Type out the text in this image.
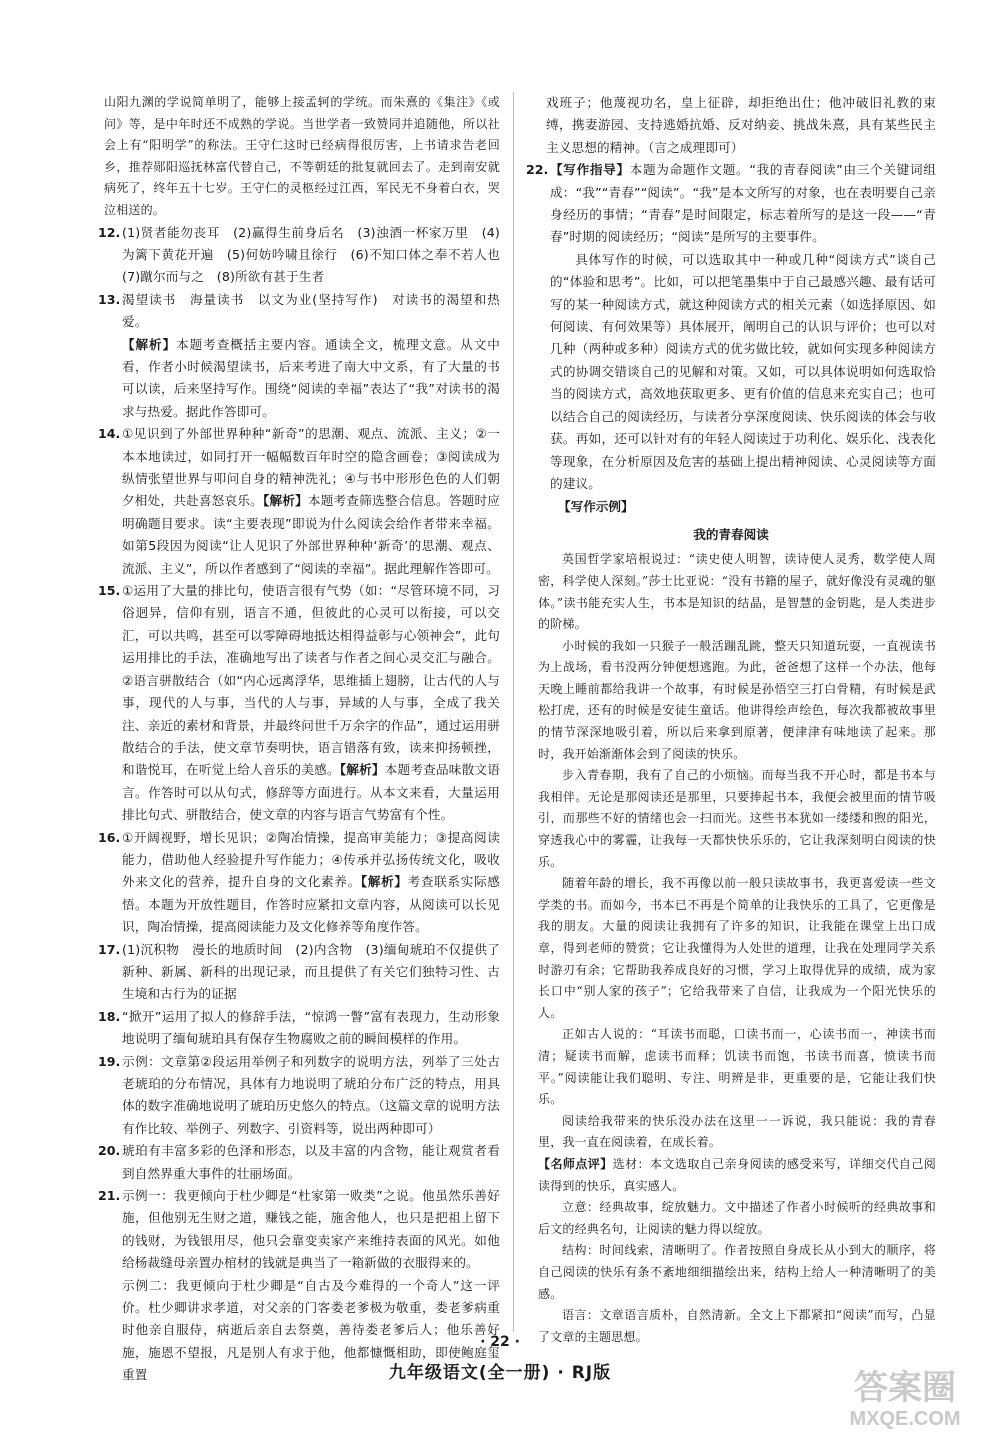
山阳九渊的学说简单明了，能够上接孟轲的学统。而朱熹的《集注》《或问》等，是中年时还不成熟的学说。当世学者一致赞同并追随他，所以社会上有“阳明学”的称法。王守仁这时已经病得很厉害，上书请求告老回乡，推荐郧阳巡抚林富代替自己，不等朝廷的批复就回去了。走到南安就病死了，终年五十七岁。王守仁的灵柩经过江西，军民无不身着白衣，哭泣相送的。

12. (1)贤者能勿丧耳　(2)赢得生前身后名　(3)浊酒一杯家万里　(4)为篱下黄花开遍　(5)何妨吟啸且徐行　(6)不知口体之奉不若人也　(7)蹴尔而与之　(8)所欲有甚于生者

13. 渴望读书　海量读书　以文为业(坚持写作)　对读书的渴望和热爱。

【解析】本题考查概括主要内容。通读全文，梳理文意。从文中看，作者小时候渴望读书，后来考进了南大中文系，有了大量的书可以读，后来坚持写作。围绕“阅读的幸福”表达了“我”对读书的渴求与热爱。据此作答即可。

14. ①见识到了外部世界种种“新奇”的思潮、观点、流派、主义；②一本本地读过，如同打开一幅幅数百年时空的隐含画卷；③阅读成为纵情张望世界与叩问自身的精神洗礼；④与书中形形色色的人们朝夕相处，共赴喜怒哀乐。【解析】本题考查筛选整合信息。答题时应明确题目要求。读“主要表现”即说为什么阅读会给作者带来幸福。如第5段因为阅读“让人见识了外部世界种种‘新奇’的思潮、观点、流派、主义”，所以作者感到了“阅读的幸福”。据此理解作答即可。

15. ①运用了大量的排比句，使语言很有气势（如：“尽管环境不同，习俗迥异，信仰有别，语言不通，但彼此的心灵可以衔接，可以交汇，可以共鸣，甚至可以零障碍地抵达相得益彰与心领神会”，此句运用排比的手法，准确地写出了读者与作者之间心灵交汇与融合。②语言骈散结合（如“内心远离浮华，思维插上翅膀，让古代的人与事，现代的人与事，当代的人与事，异域的人与事，全成了我关注、亲近的素材和背景，并最终问世千万余字的作品”，通过运用骈散结合的手法，使文章节奏明快，语言错落有致，读来抑扬顿挫，和谐悦耳，在听觉上给人音乐的美感。【解析】本题考查品味散文语言。作答时可以从句式，修辞等方面进行。从本文来看，大量运用排比句式、骈散结合，使文章的内容与语言气势富有个性。

16. ①开阔视野，增长见识；②陶冶情操，提高审美能力；③提高阅读能力，借助他人经验提升写作能力；④传承并弘扬传统文化，吸收外来文化的营养，提升自身的文化素养。【解析】考查联系实际感悟。本题为开放性题目，作答时应紧扣文章内容，从阅读可以长见识，陶冶情操，提高阅读能力及文化修养等角度作答。

17. (1)沉积物　漫长的地质时间　(2)内含物　(3)缅甸琥珀不仅提供了新种、新属、新科的出现记录，而且提供了有关它们独特习性、古生境和古行为的证据

18. “掀开”运用了拟人的修辞手法，“惊鸿一瞥”富有表现力，生动形象地说明了缅甸琥珀具有保存生物腐败之前的瞬间模样的作用。

19. 示例：文章第②段运用举例子和列数字的说明方法，列举了三处古老琥珀的分布情况，具体有力地说明了琥珀分布广泛的特点，用具体的数字准确地说明了琥珀历史悠久的特点。（这篇文章的说明方法有作比较、举例子、列数字、引资料等，说出两种即可）

20. 琥珀有丰富多彩的色泽和形态，以及丰富的内含物，能让观赏者看到自然界重大事件的壮丽场面。

21. 示例一：我更倾向于杜少卿是“杜家第一败类”之说。他虽然乐善好施，但他别无生财之道，赚钱之能，施舍他人，也只是把祖上留下的钱财，为钱银用尽，他只会靠变卖家产来维持表面的风光。如他给杨裁缝母亲置办棺材的钱就是典当了一箱新做的衣服得来的。

示例二：我更倾向于杜少卿是“自古及今难得的一个奇人”这一评价。杜少卿讲求孝道，对父亲的门客娄老爹极为敬重，娄老爹病重时他亲自服侍，病逝后亲自去祭奠，善待娄老爹后人；他乐善好施，施恩不望报，凡是别人有求于他，他都慷慨相助，即使鲍庭玺重置

戏班子；他蔑视功名，皇上征辟，却拒绝出仕；他冲破旧礼教的束缚，携妻游园、支持逃婚抗婚、反对纳妾、挑战朱熹，具有某些民主主义思想的精神。（言之成理即可）

22. 【写作指导】本题为命题作文题。“我的青春阅读”由三个关键词组成：“我”“青春”“阅读”。“我”是本文所写的对象，也在表明要自己亲身经历的事情；“青春”是时间限定，标志着所写的是这一段——“青春”时期的阅读经历；“阅读”是所写的主要事件。

具体写作的时候，可以选取其中一种或几种“阅读方式”谈自己的“体验和思考”。比如，可以把笔墨集中于自己最感兴趣、最有话可写的某一种阅读方式，就这种阅读方式的相关元素（如选择原因、如何阅读、有何效果等）具体展开，阐明自己的认识与评价；也可以对几种（两种或多种）阅读方式的优劣做比较，就如何实现多种阅读方式的协调交错谈自己的见解和对策。又如，可以具体说明如何选取恰当的阅读方式，高效地获取更多、更有价值的信息来充实自己；也可以结合自己的阅读经历，与读者分享深度阅读、快乐阅读的体会与收获。再如，还可以针对有的年轻人阅读过于功利化、娱乐化、浅表化等现象，在分析原因及危害的基础上提出精神阅读、心灵阅读等方面的建议。

【写作示例】
我的青春阅读

英国哲学家培根说过：“读史使人明智，读诗使人灵秀，数学使人周密，科学使人深刻。”莎士比亚说：“没有书籍的屋子，就好像没有灵魂的躯体。”读书能充实人生，书本是知识的结晶，是智慧的金钥匙，是人类进步的阶梯。

小时候的我如一只猴子一般活蹦乱跳，整天只知道玩耍，一直视读书为上战场，看书没两分钟便想逃跑。为此，爸爸想了这样一个办法，他每天晚上睡前都给我讲一个故事，有时候是孙悟空三打白骨精，有时候是武松打虎，还有的时候是安徒生童话。他讲得绘声绘色，每次我都被故事里的情节深深地吸引着，所以后来拿到原著，便津津有味地读了起来。那时，我开始渐渐体会到了阅读的快乐。

步入青春期，我有了自己的小烦恼。而每当我不开心时，都是书本与我相伴。无论是那阅读还是那里，只要捧起书本，我便会被里面的情节吸引，而那些不好的情绪也会一扫而光。这些书本犹如一缕缕和煦的阳光，穿透我心中的雾霾，让我每一天都快快乐乐的，它让我深刻明白阅读的快乐。

随着年龄的增长，我不再像以前一般只读故事书，我更喜爱读一些文学类的书。而如今，书本已不再是个简单的让我快乐的工具了，它更像是我的朋友。大量的阅读让我拥有了许多的知识，让我能在课堂上出口成章，得到老师的赞赏；它让我懂得为人处世的道理，让我在处理同学关系时游刃有余；它帮助我养成良好的习惯，学习上取得优异的成绩，成为家长口中“别人家的孩子”；它给我带来了自信，让我成为一个阳光快乐的人。

正如古人说的：“耳读书而聪，口读书而一，心读书而一，神读书而清；疑读书而解，虑读书而释；饥读书而饱，书读书而喜，愤读书而平。”阅读能让我们聪明、专注、明辨是非，更重要的是，它能让我们快乐。

阅读给我带来的快乐没办法在这里一一诉说，我只能说：我的青春里，我一直在阅读着，在成长着。

【名师点评】选材：本文选取自己亲身阅读的感受来写，详细交代自己阅读得到的快乐，真实感人。

立意：经典故事，绽放魅力。文中描述了作者小时候听的经典故事和后文的经典名句，让阅读的魅力得以绽放。

结构：时间线索，清晰明了。作者按照自身成长从小到大的顺序，将自己阅读的快乐有条不紊地细细描绘出来，结构上给人一种清晰明了的美感。

语言：文章语言质朴，自然清新。全文上下都紧扣“阅读”而写，凸显了文章的主题思想。

· 22 ·
九年级语文(全一册) · RJ版	答案圈
MXQE.COM
